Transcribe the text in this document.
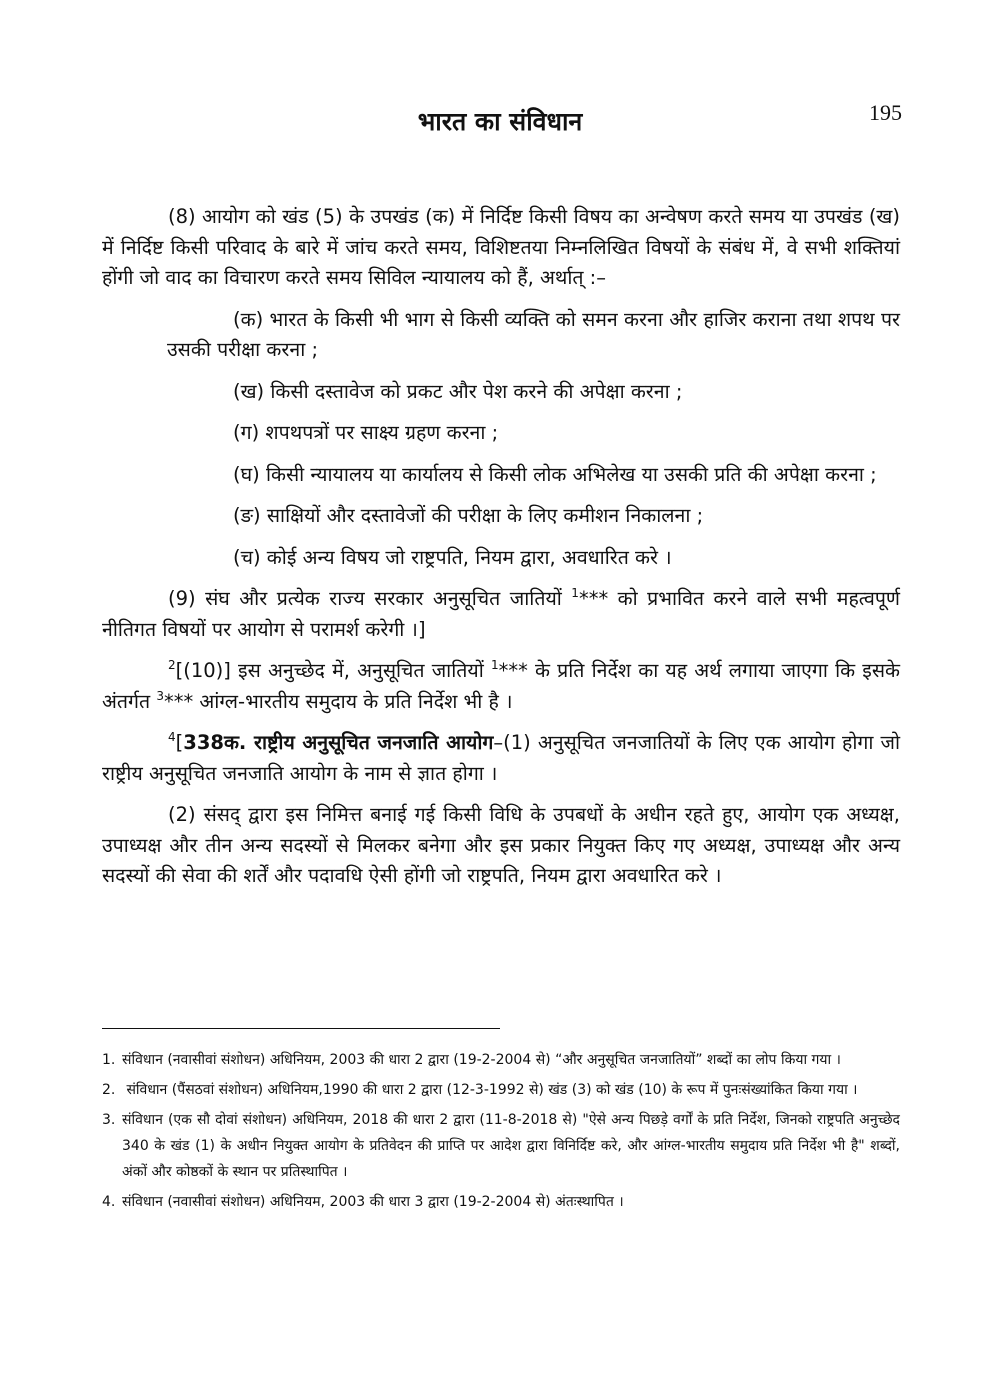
भारत का संविधान	195

(8) आयोग को खंड (5) के उपखंड (क) में निर्दिष्ट किसी विषय का अन्वेषण करते समय या उपखंड (ख) में निर्दिष्ट किसी परिवाद के बारे में जांच करते समय, विशिष्टतया निम्नलिखित विषयों के संबंध में, वे सभी शक्तियां होंगी जो वाद का विचारण करते समय सिविल न्यायालय को हैं, अर्थात् :–

(क) भारत के किसी भी भाग से किसी व्यक्ति को समन करना और हाजिर कराना तथा शपथ पर उसकी परीक्षा करना ;

(ख) किसी दस्तावेज को प्रकट और पेश करने की अपेक्षा करना ;

(ग) शपथपत्रों पर साक्ष्य ग्रहण करना ;

(घ) किसी न्यायालय या कार्यालय से किसी लोक अभिलेख या उसकी प्रति की अपेक्षा करना ;

(ङ) साक्षियों और दस्तावेजों की परीक्षा के लिए कमीशन निकालना ;

(च) कोई अन्य विषय जो राष्ट्रपति, नियम द्वारा, अवधारित करे ।

(9) संघ और प्रत्येक राज्य सरकार अनुसूचित जातियों $^1$*** को प्रभावित करने वाले सभी महत्वपूर्ण नीतिगत विषयों पर आयोग से परामर्श करेगी ।]

$^2$[(10)] इस अनुच्छेद में, अनुसूचित जातियों $^1$*** के प्रति निर्देश का यह अर्थ लगाया जाएगा कि इसके अंतर्गत $^3$*** आंग्ल-भारतीय समुदाय के प्रति निर्देश भी है ।

$^4$[338क. राष्ट्रीय अनुसूचित जनजाति आयोग–(1) अनुसूचित जनजातियों के लिए एक आयोग होगा जो राष्ट्रीय अनुसूचित जनजाति आयोग के नाम से ज्ञात होगा ।

(2) संसद् द्वारा इस निमित्त बनाई गई किसी विधि के उपबधों के अधीन रहते हुए, आयोग एक अध्यक्ष, उपाध्यक्ष और तीन अन्य सदस्यों से मिलकर बनेगा और इस प्रकार नियुक्त किए गए अध्यक्ष, उपाध्यक्ष और अन्य सदस्यों की सेवा की शर्तें और पदावधि ऐसी होंगी जो राष्ट्रपति, नियम द्वारा अवधारित करे ।

1. संविधान (नवासीवां संशोधन) अधिनियम, 2003 की धारा 2 द्वारा (19-2-2004 से) “और अनुसूचित जनजातियों” शब्दों का लोप किया गया ।

2. संविधान (पैंसठवां संशोधन) अधिनियम,1990 की धारा 2 द्वारा (12-3-1992 से) खंड (3) को खंड (10) के रूप में पुनःसंख्यांकित किया गया ।

3. संविधान (एक सौ दोवां संशोधन) अधिनियम, 2018 की धारा 2 द्वारा (11-8-2018 से) "ऐसे अन्य पिछड़े वर्गों के प्रति निर्देश, जिनको राष्ट्रपति अनुच्छेद 340 के खंड (1) के अधीन नियुक्त आयोग के प्रतिवेदन की प्राप्ति पर आदेश द्वारा विनिर्दिष्ट करे, और आंग्ल-भारतीय समुदाय प्रति निर्देश भी है" शब्दों, अंकों और कोष्ठकों के स्थान पर प्रतिस्थापित ।

4. संविधान (नवासीवां संशोधन) अधिनियम, 2003 की धारा 3 द्वारा (19-2-2004 से) अंतःस्थापित ।
